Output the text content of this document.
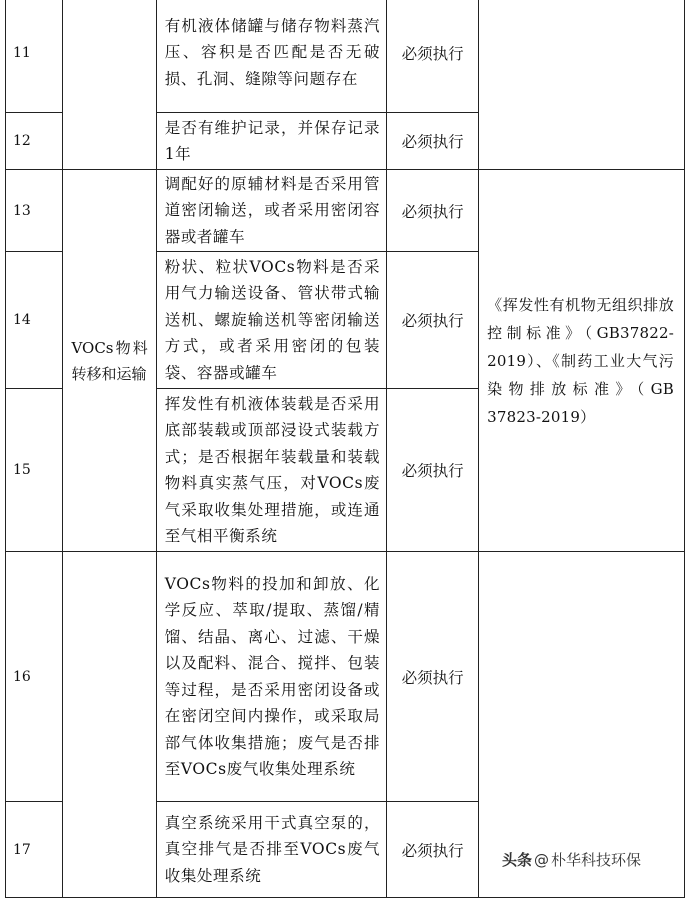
11		有机液体储罐与储存物料蒸汽压、容积是否匹配是否无破损、孔洞、缝隙等问题存在	必须执行	
12		是否有维护记录，并保存记录1年	必须执行	
13	VOCs物料转移和运输	调配好的原辅材料是否采用管道密闭输送，或者采用密闭容器或者罐车	必须执行	《挥发性有机物无组织排放控制标准》（GB37822-2019）、《制药工业大气污染物排放标准》（GB 37823-2019）
14		粉状、粒状VOCs物料是否采用气力输送设备、管状带式输送机、螺旋输送机等密闭输送方式，或者采用密闭的包装袋、容器或罐车	必须执行	
15		挥发性有机液体装载是否采用底部装载或顶部浸设式装载方式；是否根据年装载量和装载物料真实蒸气压，对VOCs废气采取收集处理措施，或连通至气相平衡系统	必须执行	
16		VOCs物料的投加和卸放、化学反应、萃取/提取、蒸馏/精馏、结晶、离心、过滤、干燥以及配料、混合、搅拌、包装等过程，是否采用密闭设备或在密闭空间内操作，或采取局部气体收集措施；废气是否排至VOCs废气收集处理系统	必须执行	
17		真空系统采用干式真空泵的，真空排气是否排至VOCs废气收集处理系统	必须执行	
头条 @ 朴华科技环保
